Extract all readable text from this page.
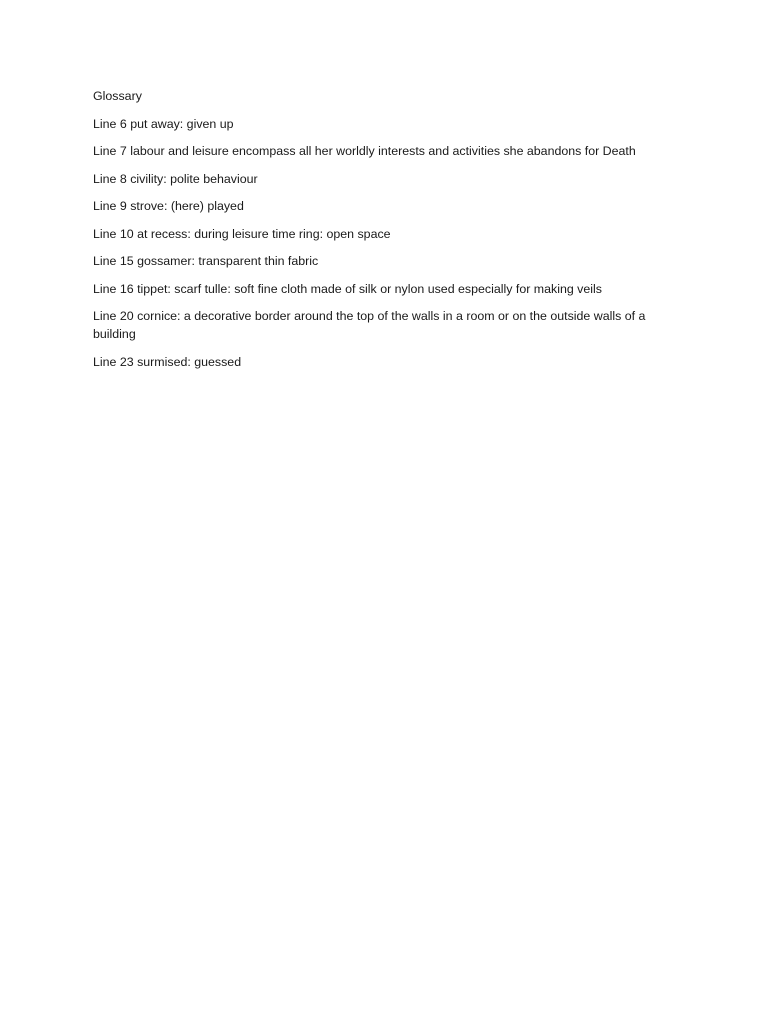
Glossary
Line 6 put away: given up
Line 7 labour and leisure encompass all her worldly interests and activities she abandons for Death
Line 8 civility: polite behaviour
Line 9 strove: (here) played
Line 10 at recess: during leisure time ring: open space
Line 15 gossamer: transparent thin fabric
Line 16 tippet: scarf tulle: soft fine cloth made of silk or nylon used especially for making veils
Line 20 cornice: a decorative border around the top of the walls in a room or on the outside walls of a building
Line 23 surmised: guessed
